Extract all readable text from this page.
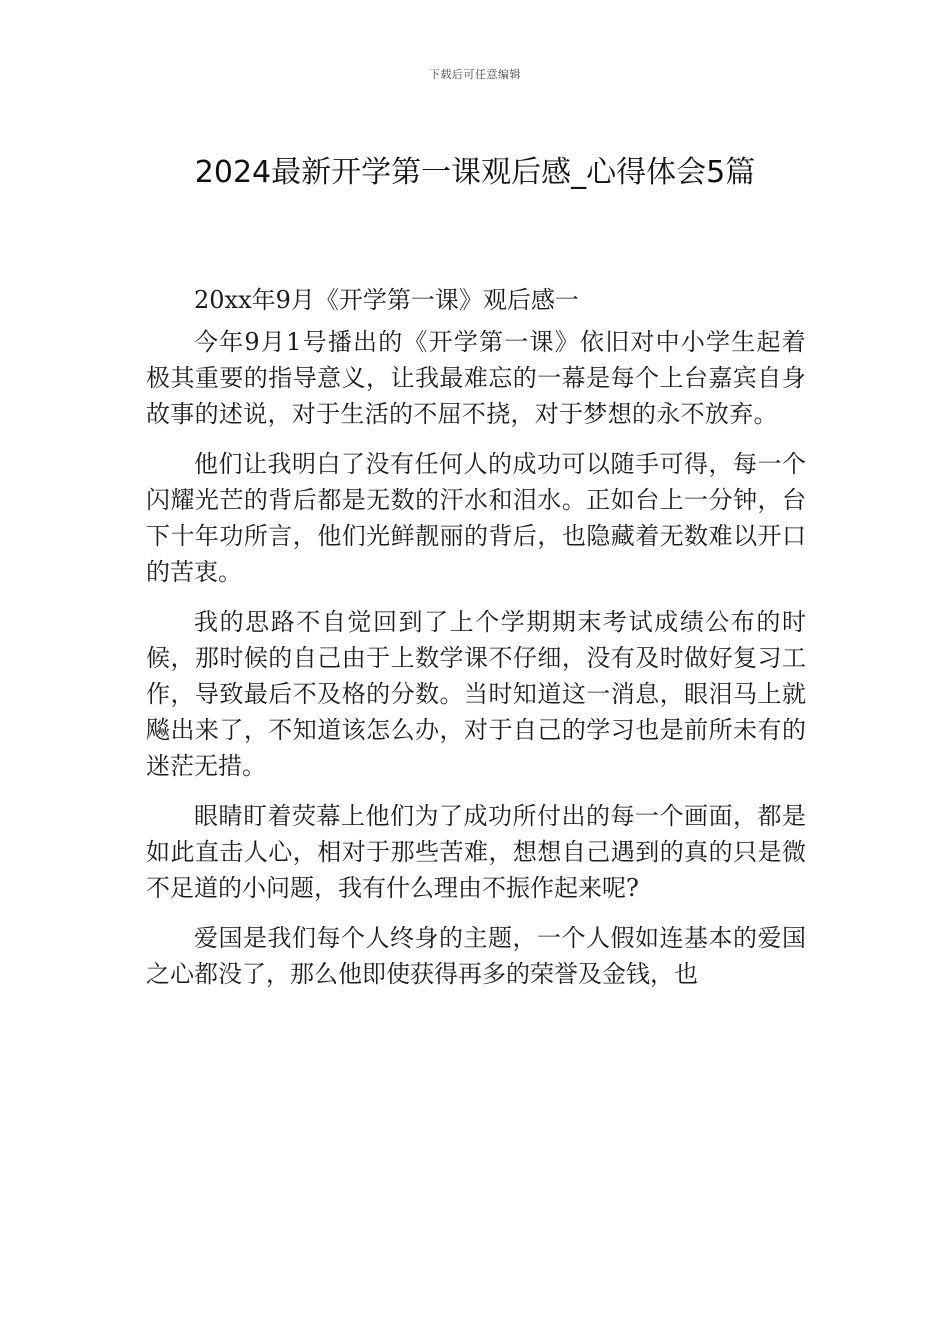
下载后可任意编辑
2024最新开学第一课观后感_心得体会5篇

20xx年9月《开学第一课》观后感一

今年9月1号播出的《开学第一课》依旧对中小学生起着极其重要的指导意义，让我最难忘的一幕是每个上台嘉宾自身故事的述说，对于生活的不屈不挠，对于梦想的永不放弃。

他们让我明白了没有任何人的成功可以随手可得，每一个闪耀光芒的背后都是无数的汗水和泪水。正如台上一分钟，台下十年功所言，他们光鲜靓丽的背后，也隐藏着无数难以开口的苦衷。

我的思路不自觉回到了上个学期期末考试成绩公布的时候，那时候的自己由于上数学课不仔细，没有及时做好复习工作，导致最后不及格的分数。当时知道这一消息，眼泪马上就飚出来了，不知道该怎么办，对于自己的学习也是前所未有的迷茫无措。

眼睛盯着荧幕上他们为了成功所付出的每一个画面，都是如此直击人心，相对于那些苦难，想想自己遇到的真的只是微不足道的小问题，我有什么理由不振作起来呢?

爱国是我们每个人终身的主题，一个人假如连基本的爱国之心都没了，那么他即使获得再多的荣誉及金钱，也
